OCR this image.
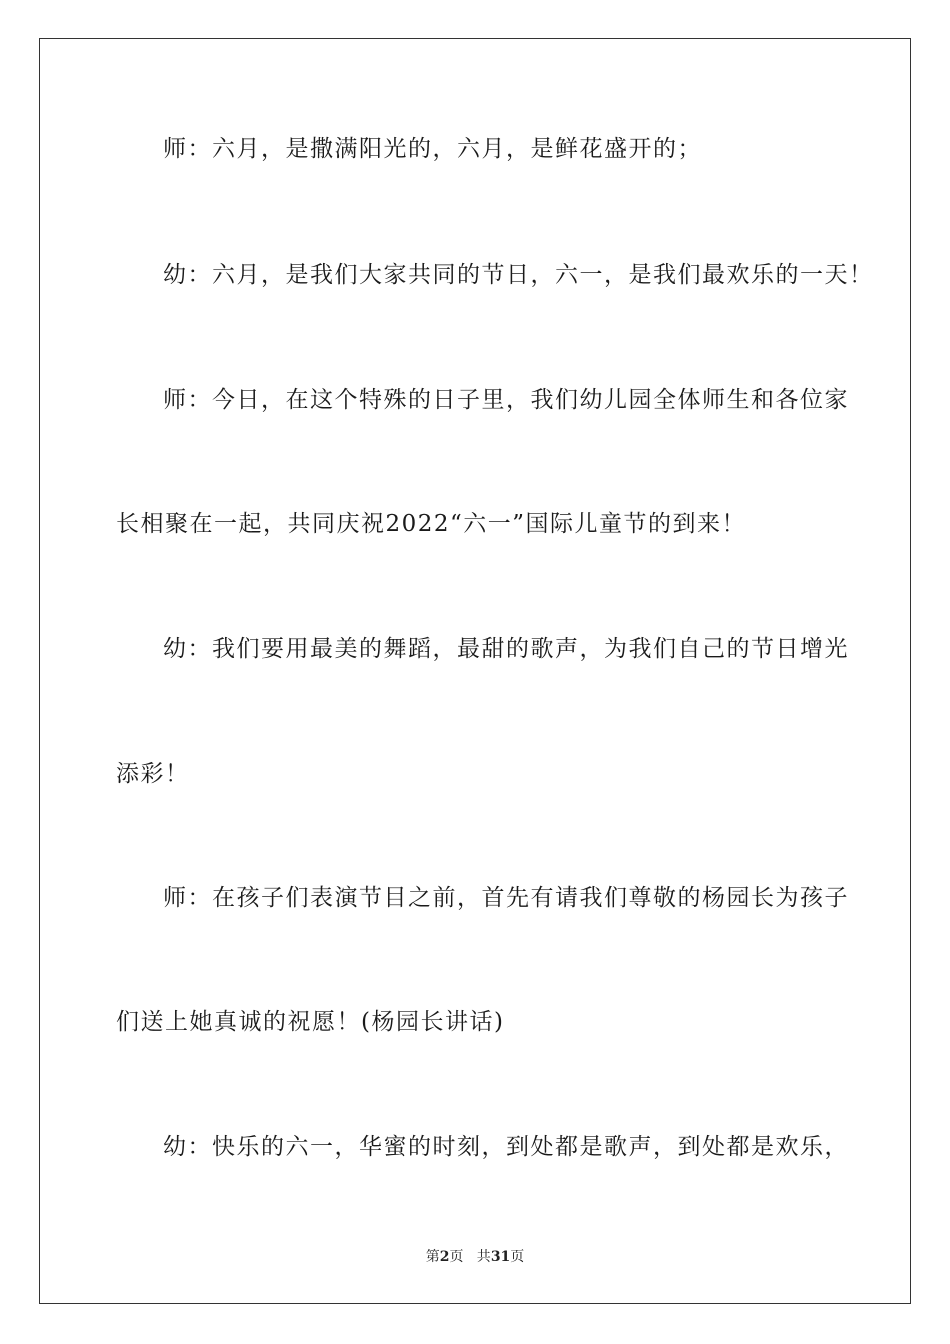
师：六月，是撒满阳光的，六月，是鲜花盛开的；
幼：六月，是我们大家共同的节日，六一，是我们最欢乐的一天！
师：今日，在这个特殊的日子里，我们幼儿园全体师生和各位家
长相聚在一起，共同庆祝2022“六一”国际儿童节的到来！
幼：我们要用最美的舞蹈，最甜的歌声，为我们自己的节日增光
添彩！
师：在孩子们表演节目之前，首先有请我们尊敬的杨园长为孩子
们送上她真诚的祝愿！(杨园长讲话)
幼：快乐的六一，华蜜的时刻，到处都是歌声，到处都是欢乐，
第2页   共31页
